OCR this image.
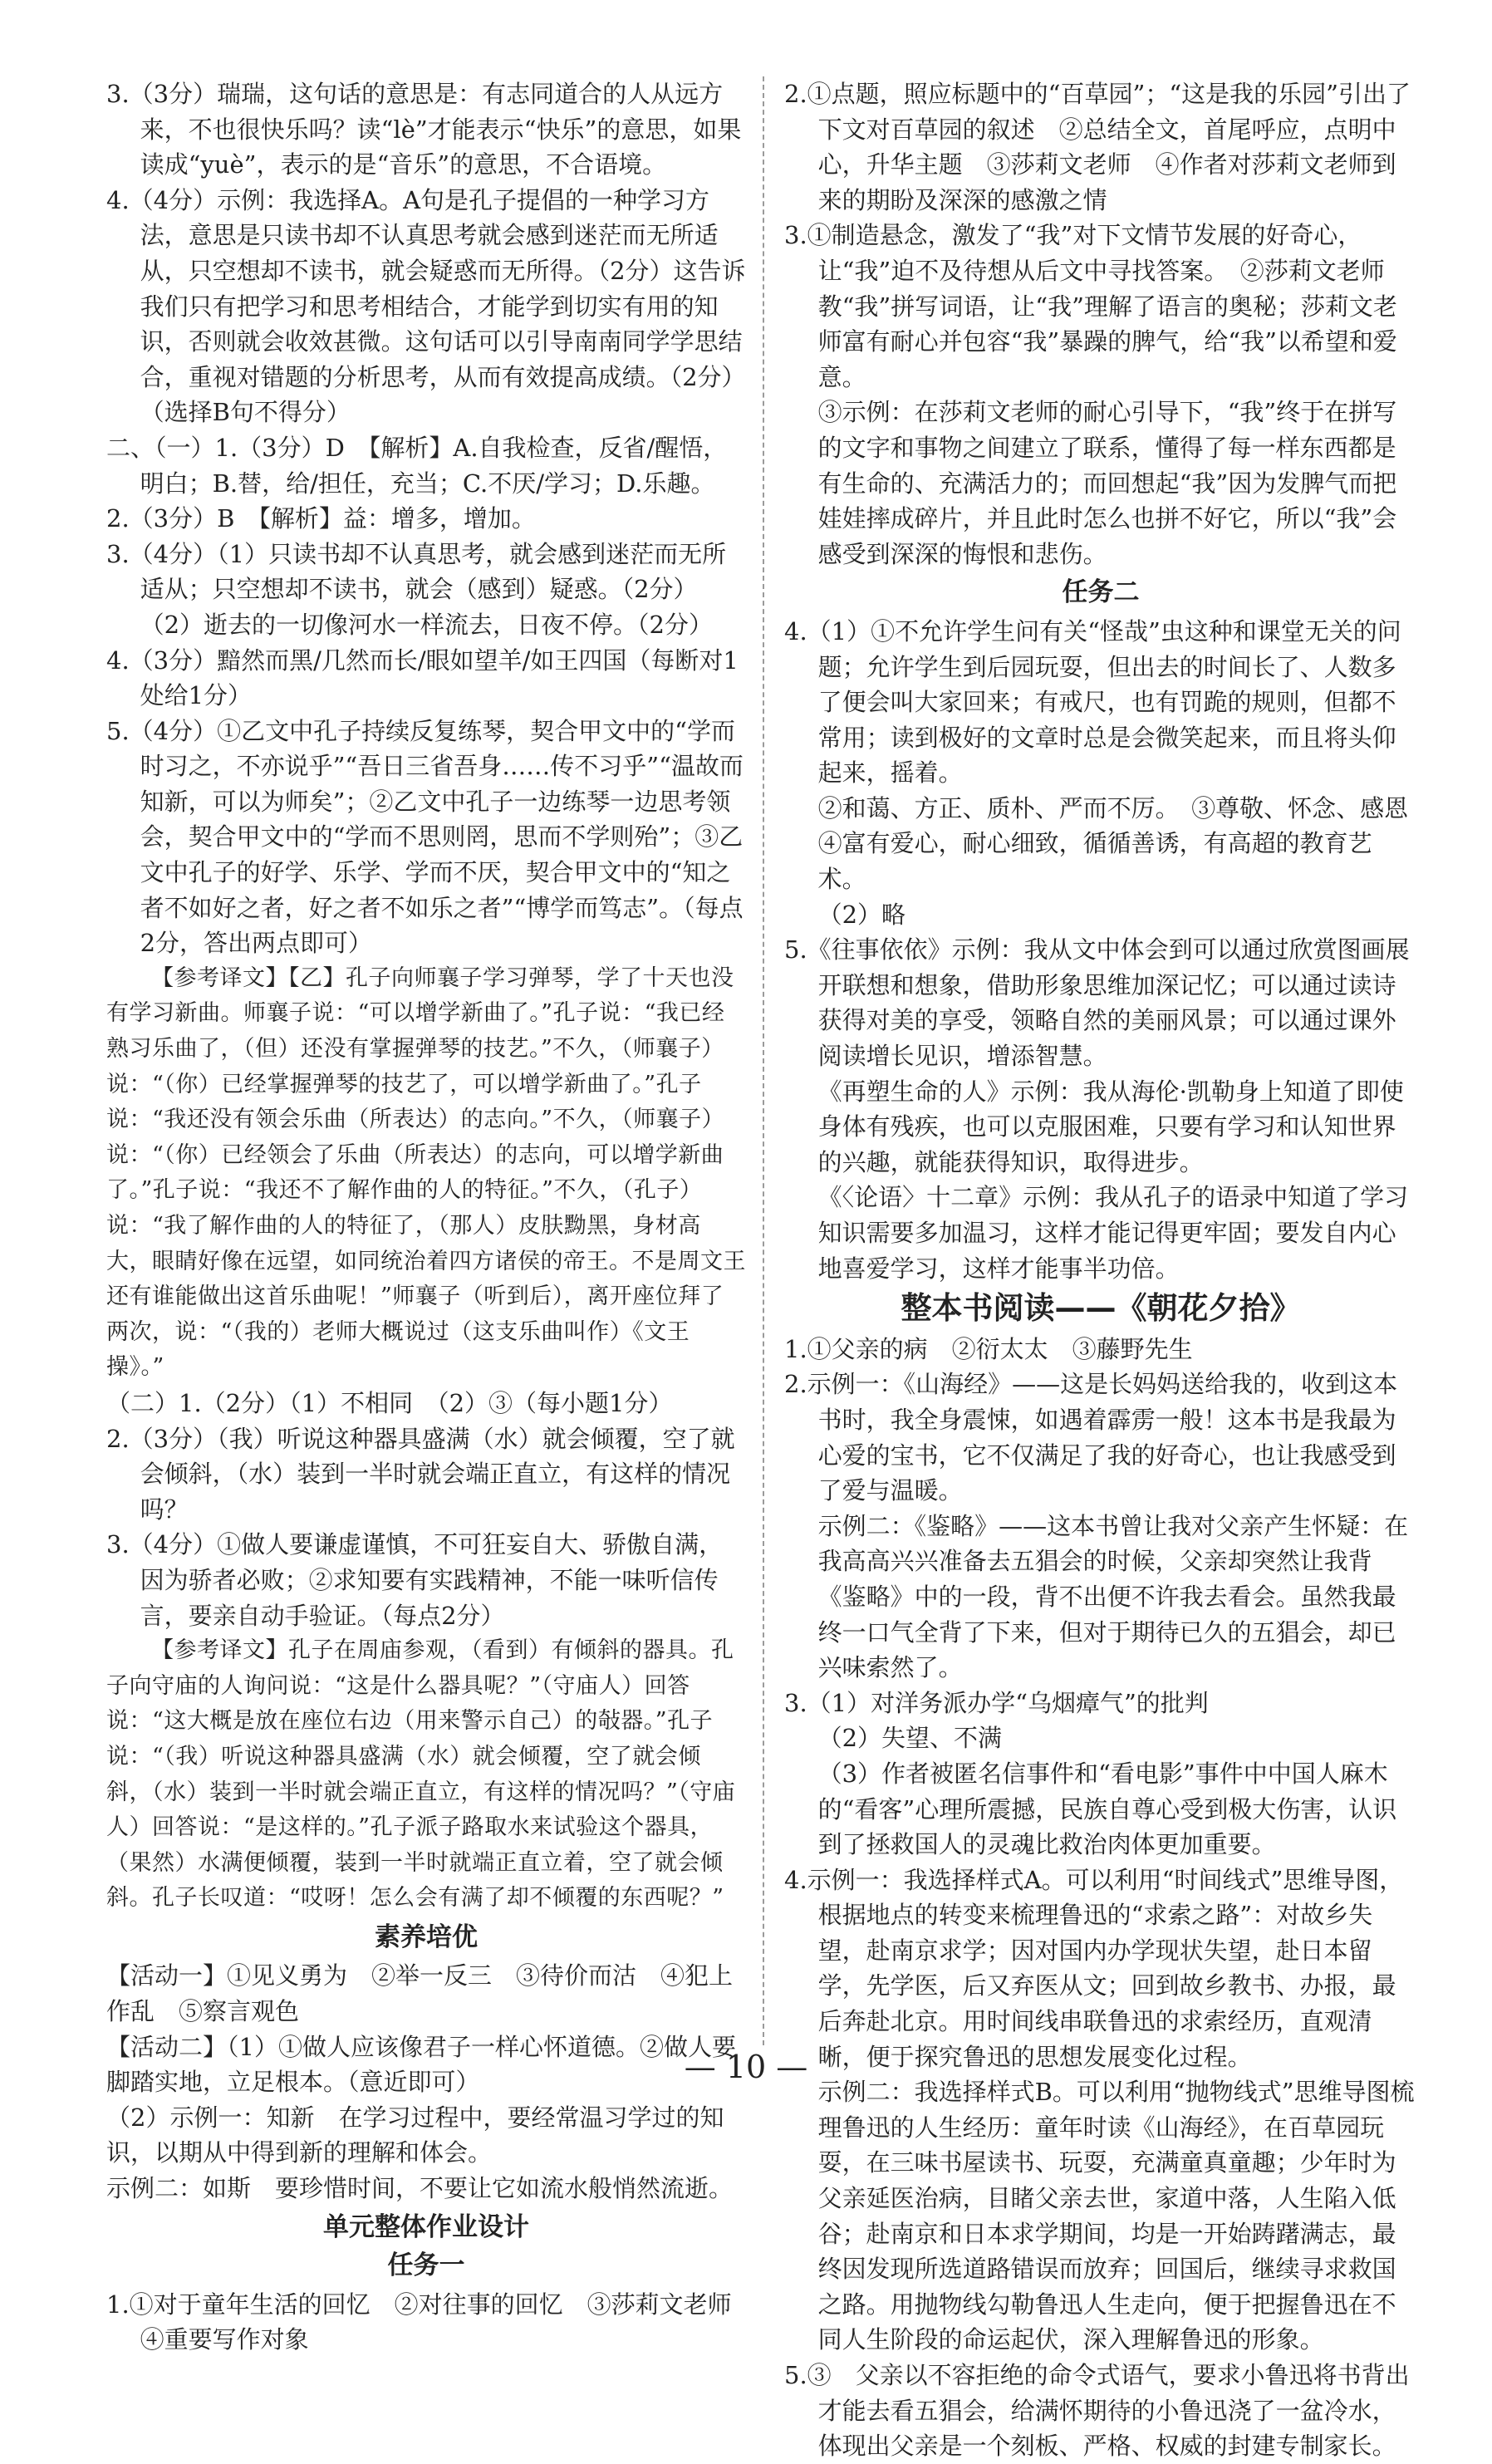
3.（3分）瑞瑞，这句话的意思是：有志同道合的人从远方来，不也很快乐吗？读“lè”才能表示“快乐”的意思，如果读成“yuè”，表示的是“音乐”的意思，不合语境。
4.（4分）示例：我选择A。A句是孔子提倡的一种学习方法，意思是只读书却不认真思考就会感到迷茫而无所适从，只空想却不读书，就会疑惑而无所得。（2分）这告诉我们只有把学习和思考相结合，才能学到切实有用的知识，否则就会收效甚微。这句话可以引导南南同学学思结合，重视对错题的分析思考，从而有效提高成绩。（2分）（选择B句不得分）
二、（一）1.（3分）D　【解析】A.自我检查，反省/醒悟，明白；B.替，给/担任，充当；C.不厌/学习；D.乐趣。
2.（3分）B　【解析】益：增多，增加。
3.（4分）（1）只读书却不认真思考，就会感到迷茫而无所适从；只空想却不读书，就会（感到）疑惑。（2分）
（2）逝去的一切像河水一样流去，日夜不停。（2分）
4.（3分）黯然而黑/几然而长/眼如望羊/如王四国（每断对1处给1分）
5.（4分）①乙文中孔子持续反复练琴，契合甲文中的“学而时习之，不亦说乎”“吾日三省吾身……传不习乎”“温故而知新，可以为师矣”；②乙文中孔子一边练琴一边思考领会，契合甲文中的“学而不思则罔，思而不学则殆”；③乙文中孔子的好学、乐学、学而不厌，契合甲文中的“知之者不如好之者，好之者不如乐之者”“博学而笃志”。（每点2分，答出两点即可）
【参考译文】【乙】孔子向师襄子学习弹琴，学了十天也没有学习新曲。师襄子说：“可以增学新曲了。”孔子说：“我已经熟习乐曲了，（但）还没有掌握弹琴的技艺。”不久，（师襄子）说：“（你）已经掌握弹琴的技艺了，可以增学新曲了。”孔子说：“我还没有领会乐曲（所表达）的志向。”不久，（师襄子）说：“（你）已经领会了乐曲（所表达）的志向，可以增学新曲了。”孔子说：“我还不了解作曲的人的特征。”不久，（孔子）说：“我了解作曲的人的特征了，（那人）皮肤黝黑，身材高大，眼睛好像在远望，如同统治着四方诸侯的帝王。不是周文王还有谁能做出这首乐曲呢！”师襄子（听到后），离开座位拜了两次，说：“（我的）老师大概说过（这支乐曲叫作）《文王操》。”
（二）1.（2分）（1）不相同　（2）③（每小题1分）
2.（3分）（我）听说这种器具盛满（水）就会倾覆，空了就会倾斜，（水）装到一半时就会端正直立，有这样的情况吗？
3.（4分）①做人要谦虚谨慎，不可狂妄自大、骄傲自满，因为骄者必败；②求知要有实践精神，不能一味听信传言，要亲自动手验证。（每点2分）
【参考译文】孔子在周庙参观，（看到）有倾斜的器具。孔子向守庙的人询问说：“这是什么器具呢？”（守庙人）回答说：“这大概是放在座位右边（用来警示自己）的敧器。”孔子说：“（我）听说这种器具盛满（水）就会倾覆，空了就会倾斜，（水）装到一半时就会端正直立，有这样的情况吗？”（守庙人）回答说：“是这样的。”孔子派子路取水来试验这个器具，（果然）水满便倾覆，装到一半时就端正直立着，空了就会倾斜。孔子长叹道：“哎呀！怎么会有满了却不倾覆的东西呢？”
素养培优
【活动一】①见义勇为　②举一反三　③待价而沽　④犯上作乱　⑤察言观色
【活动二】（1）①做人应该像君子一样心怀道德。②做人要脚踏实地，立足根本。（意近即可）
（2）示例一：知新　在学习过程中，要经常温习学过的知识，以期从中得到新的理解和体会。
示例二：如斯　要珍惜时间，不要让它如流水般悄然流逝。
单元整体作业设计
任务一
1.①对于童年生活的回忆　②对往事的回忆　③莎莉文老师　④重要写作对象
2.①点题，照应标题中的“百草园”；“这是我的乐园”引出了下文对百草园的叙述　②总结全文，首尾呼应，点明中心，升华主题　③莎莉文老师　④作者对莎莉文老师到来的期盼及深深的感激之情
3.①制造悬念，激发了“我”对下文情节发展的好奇心，让“我”迫不及待想从后文中寻找答案。　②莎莉文老师教“我”拼写词语，让“我”理解了语言的奥秘；莎莉文老师富有耐心并包容“我”暴躁的脾气，给“我”以希望和爱意。
③示例：在莎莉文老师的耐心引导下，“我”终于在拼写的文字和事物之间建立了联系，懂得了每一样东西都是有生命的、充满活力的；而回想起“我”因为发脾气而把娃娃摔成碎片，并且此时怎么也拼不好它，所以“我”会感受到深深的悔恨和悲伤。
任务二
4.（1）①不允许学生问有关“怪哉”虫这种和课堂无关的问题；允许学生到后园玩耍，但出去的时间长了、人数多了便会叫大家回来；有戒尺，也有罚跪的规则，但都不常用；读到极好的文章时总是会微笑起来，而且将头仰起来，摇着。
②和蔼、方正、质朴、严而不厉。　③尊敬、怀念、感恩
④富有爱心，耐心细致，循循善诱，有高超的教育艺术。
（2）略
5.《往事依依》示例：我从文中体会到可以通过欣赏图画展开联想和想象，借助形象思维加深记忆；可以通过读诗获得对美的享受，领略自然的美丽风景；可以通过课外阅读增长见识，增添智慧。
《再塑生命的人》示例：我从海伦·凯勒身上知道了即使身体有残疾，也可以克服困难，只要有学习和认知世界的兴趣，就能获得知识，取得进步。
《〈论语〉十二章》示例：我从孔子的语录中知道了学习知识需要多加温习，这样才能记得更牢固；要发自内心地喜爱学习，这样才能事半功倍。
整本书阅读——《朝花夕拾》
1.①父亲的病　②衍太太　③藤野先生
2.示例一：《山海经》——这是长妈妈送给我的，收到这本书时，我全身震悚，如遇着霹雳一般！这本书是我最为心爱的宝书，它不仅满足了我的好奇心，也让我感受到了爱与温暖。
示例二：《鉴略》——这本书曾让我对父亲产生怀疑：在我高高兴兴准备去五猖会的时候，父亲却突然让我背《鉴略》中的一段，背不出便不许我去看会。虽然我最终一口气全背了下来，但对于期待已久的五猖会，却已兴味索然了。
3.（1）对洋务派办学“乌烟瘴气”的批判
（2）失望、不满
（3）作者被匿名信事件和“看电影”事件中中国人麻木的“看客”心理所震撼，民族自尊心受到极大伤害，认识到了拯救国人的灵魂比救治肉体更加重要。
4.示例一：我选择样式A。可以利用“时间线式”思维导图，根据地点的转变来梳理鲁迅的“求索之路”：对故乡失望，赴南京求学；因对国内办学现状失望，赴日本留学，先学医，后又弃医从文；回到故乡教书、办报，最后奔赴北京。用时间线串联鲁迅的求索经历，直观清晰，便于探究鲁迅的思想发展变化过程。
示例二：我选择样式B。可以利用“抛物线式”思维导图梳理鲁迅的人生经历：童年时读《山海经》，在百草园玩耍，在三味书屋读书、玩耍，充满童真童趣；少年时为父亲延医治病，目睹父亲去世，家道中落，人生陷入低谷；赴南京和日本求学期间，均是一开始踌躇满志，最终因发现所选道路错误而放弃；回国后，继续寻求救国之路。用抛物线勾勒鲁迅人生走向，便于把握鲁迅在不同人生阶段的命运起伏，深入理解鲁迅的形象。
5.③　父亲以不容拒绝的命令式语气，要求小鲁迅将书背出才能去看五猖会，给满怀期待的小鲁迅浇了一盆冷水，体现出父亲是一个刻板、严格、权威的封建专制家长。
— 10 —
